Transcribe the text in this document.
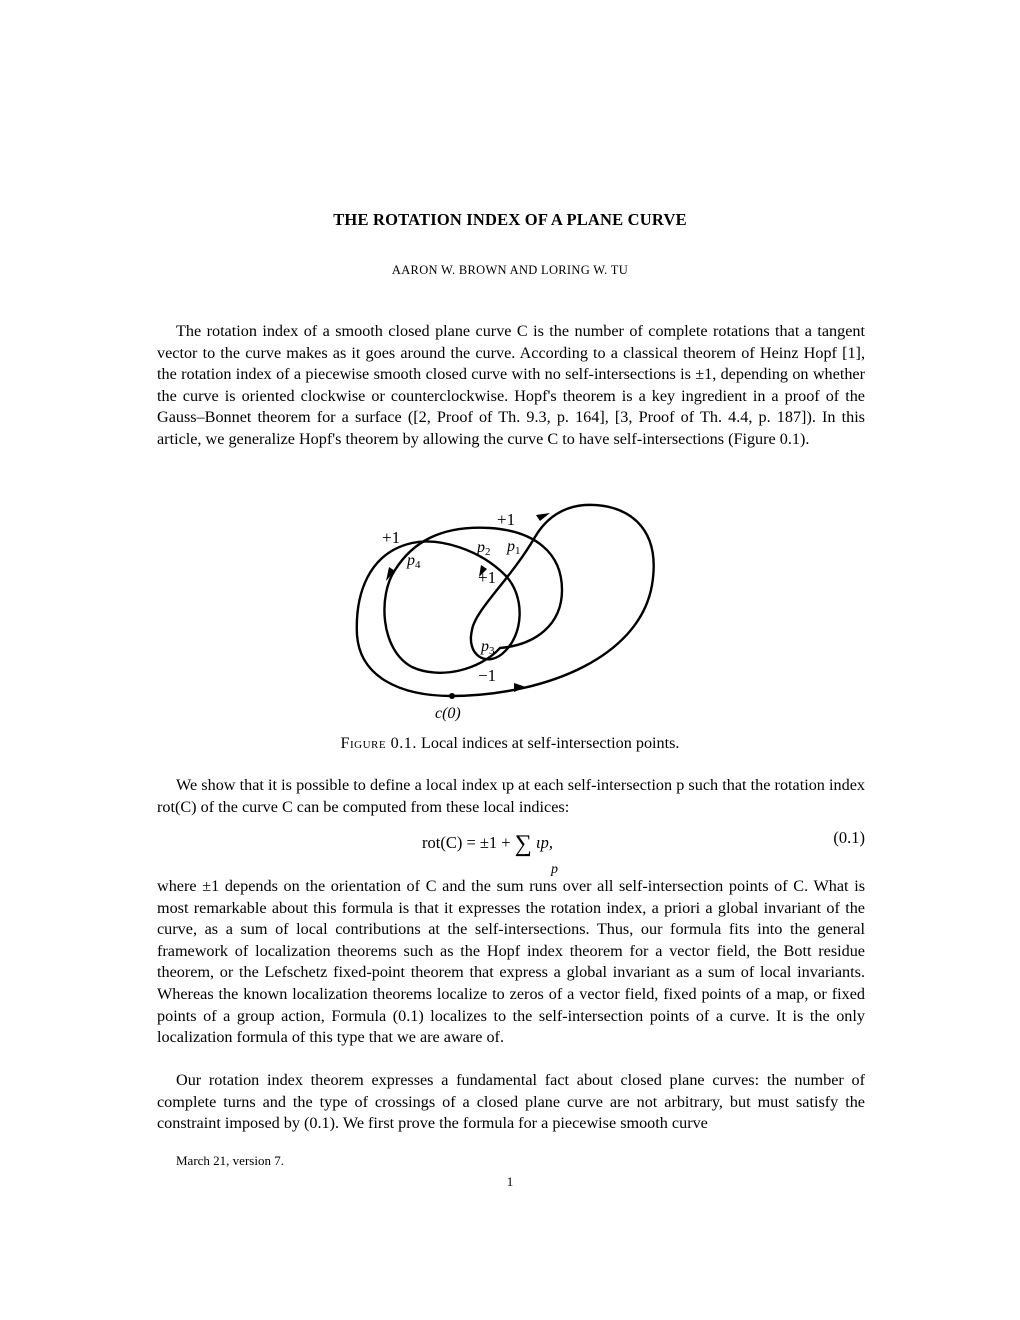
THE ROTATION INDEX OF A PLANE CURVE
AARON W. BROWN AND LORING W. TU
The rotation index of a smooth closed plane curve C is the number of complete rotations that a tangent vector to the curve makes as it goes around the curve. According to a classical theorem of Heinz Hopf [1], the rotation index of a piecewise smooth closed curve with no self-intersections is ±1, depending on whether the curve is oriented clockwise or counterclockwise. Hopf's theorem is a key ingredient in a proof of the Gauss–Bonnet theorem for a surface ([2, Proof of Th. 9.3, p. 164], [3, Proof of Th. 4.4, p. 187]). In this article, we generalize Hopf's theorem by allowing the curve C to have self-intersections (Figure 0.1).
+1
+1
+1
−1
p2 p1
p4
p3
c(0)
Figure 0.1. Local indices at self-intersection points.
We show that it is possible to define a local index ιp at each self-intersection p such that the rotation index rot(C) of the curve C can be computed from these local indices:
rot(C) = ±1 + ∑ ιp,
p
(0.1)
where ±1 depends on the orientation of C and the sum runs over all self-intersection points of C. What is most remarkable about this formula is that it expresses the rotation index, a priori a global invariant of the curve, as a sum of local contributions at the self-intersections. Thus, our formula fits into the general framework of localization theorems such as the Hopf index theorem for a vector field, the Bott residue theorem, or the Lefschetz fixed-point theorem that express a global invariant as a sum of local invariants. Whereas the known localization theorems localize to zeros of a vector field, fixed points of a map, or fixed points of a group action, Formula (0.1) localizes to the self-intersection points of a curve. It is the only localization formula of this type that we are aware of.
Our rotation index theorem expresses a fundamental fact about closed plane curves: the number of complete turns and the type of crossings of a closed plane curve are not arbitrary, but must satisfy the constraint imposed by (0.1). We first prove the formula for a piecewise smooth curve
March 21, version 7.
1
